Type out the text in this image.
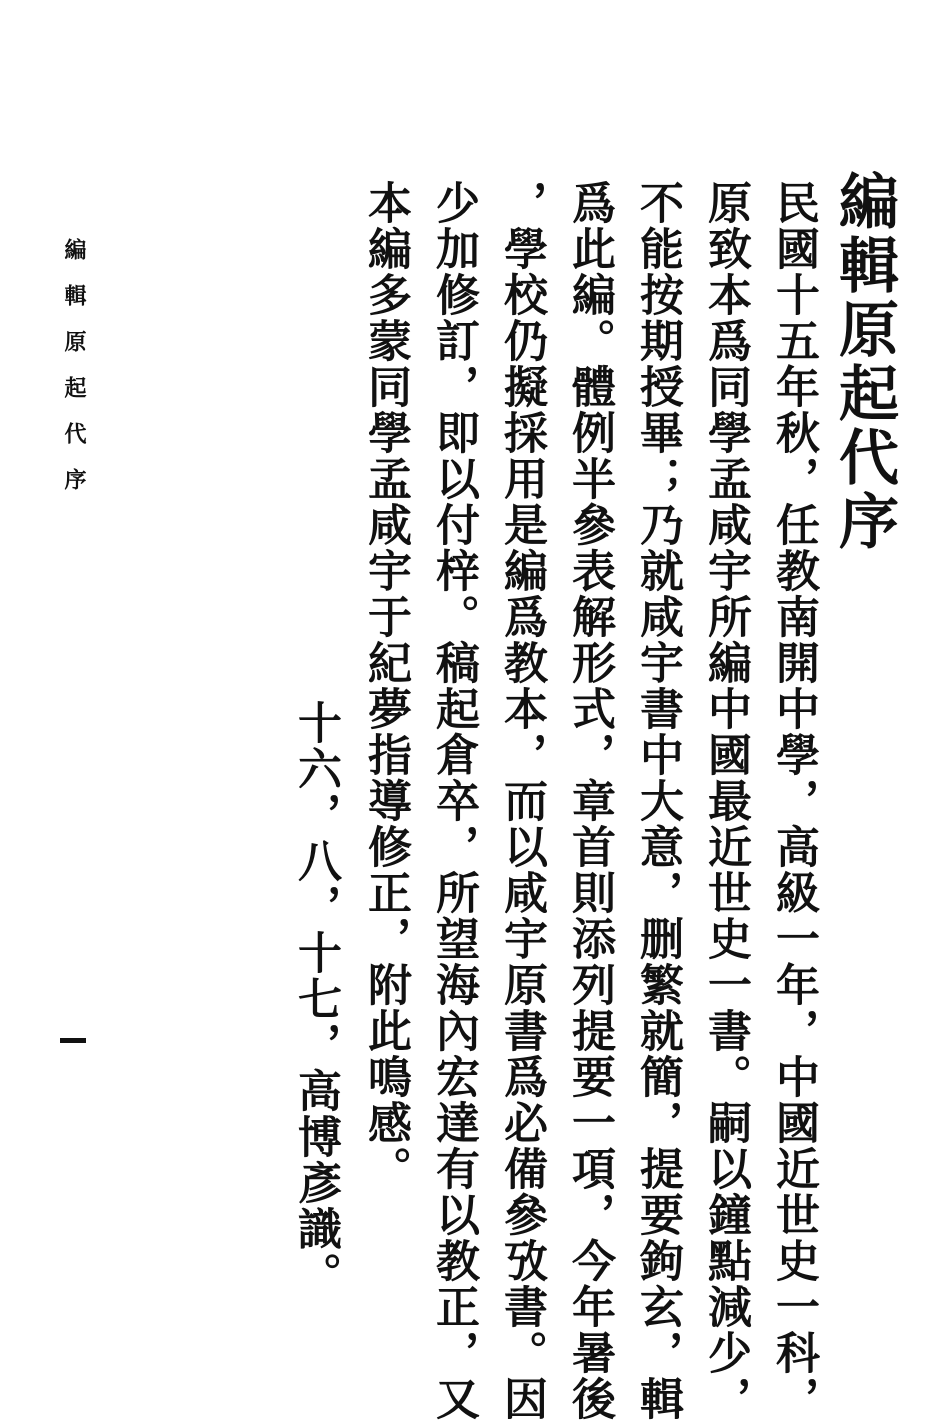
編輯原起代序

民國十五年秋，任教南開中學，高級一年，中國近世史一科，

原致本爲同學孟咸宇所編中國最近世史一書。嗣以鐘點減少，

不能按期授畢；乃就咸宇書中大意，删繁就簡，提要鉤玄，輯

爲此編。體例半參表解形式，章首則添列提要一項，今年暑後

，學校仍擬採用是編爲教本，而以咸宇原書爲必備參攷書。因

少加修訂，即以付梓。稿起倉卒，所望海內宏達有以教正，又

本編多蒙同學孟咸宇于紀夢指導修正，附此鳴感。

十六，八，十七，高博彥識。

編輯原起代序
